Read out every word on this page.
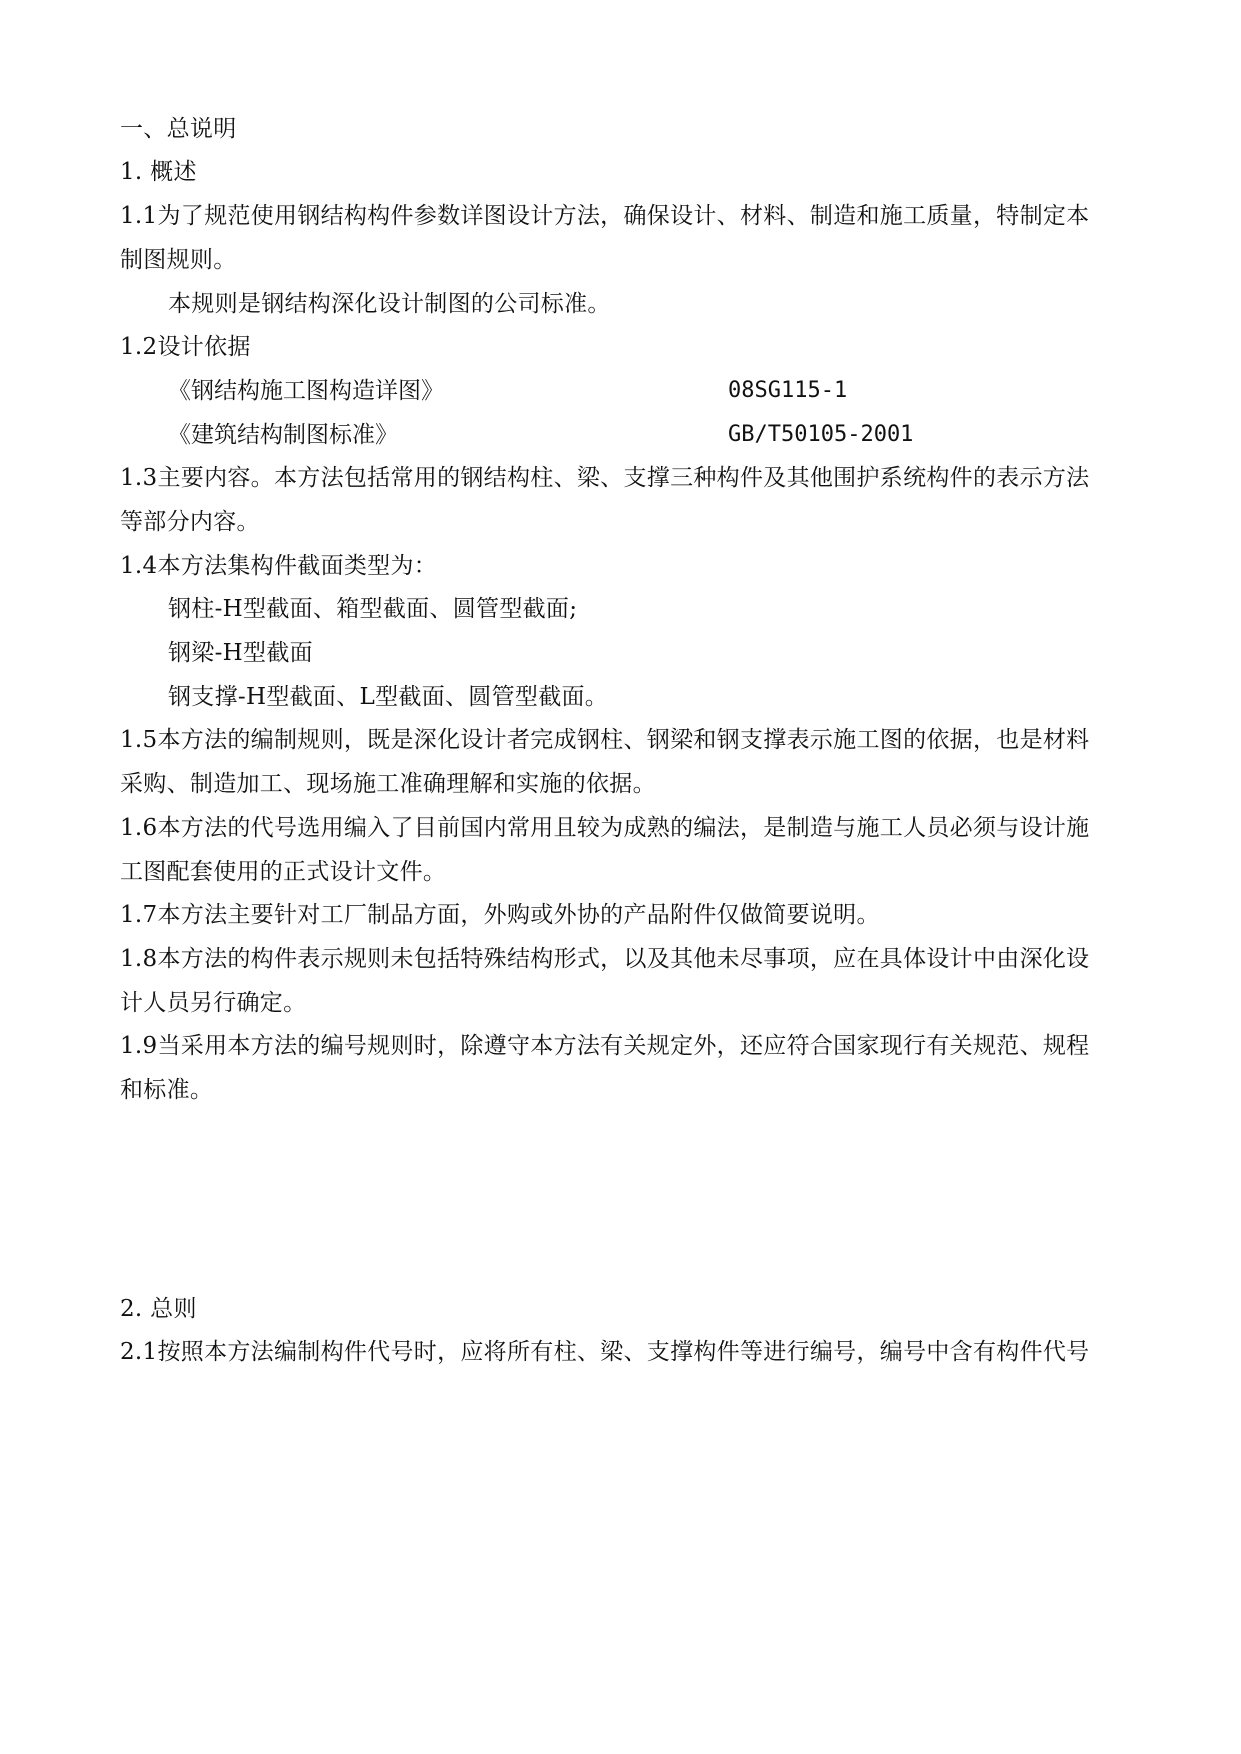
一、总说明
1. 概述
1.1为了规范使用钢结构构件参数详图设计方法，确保设计、材料、制造和施工质量，特制定本
制图规则。
本规则是钢结构深化设计制图的公司标准。
1.2设计依据
《钢结构施工图构造详图》	08SG115-1
《建筑结构制图标准》	GB/T50105-2001
1.3主要内容。本方法包括常用的钢结构柱、梁、支撑三种构件及其他围护系统构件的表示方法
等部分内容。
1.4本方法集构件截面类型为：
钢柱-H型截面、箱型截面、圆管型截面;
钢梁-H型截面
钢支撑-H型截面、L型截面、圆管型截面。
1.5本方法的编制规则，既是深化设计者完成钢柱、钢梁和钢支撑表示施工图的依据，也是材料
采购、制造加工、现场施工准确理解和实施的依据。
1.6本方法的代号选用编入了目前国内常用且较为成熟的编法，是制造与施工人员必须与设计施
工图配套使用的正式设计文件。
1.7本方法主要针对工厂制品方面，外购或外协的产品附件仅做简要说明。
1.8本方法的构件表示规则未包括特殊结构形式，以及其他未尽事项，应在具体设计中由深化设
计人员另行确定。
1.9当采用本方法的编号规则时，除遵守本方法有关规定外，还应符合国家现行有关规范、规程
和标准。
2. 总则
2.1按照本方法编制构件代号时，应将所有柱、梁、支撑构件等进行编号，编号中含有构件代号
